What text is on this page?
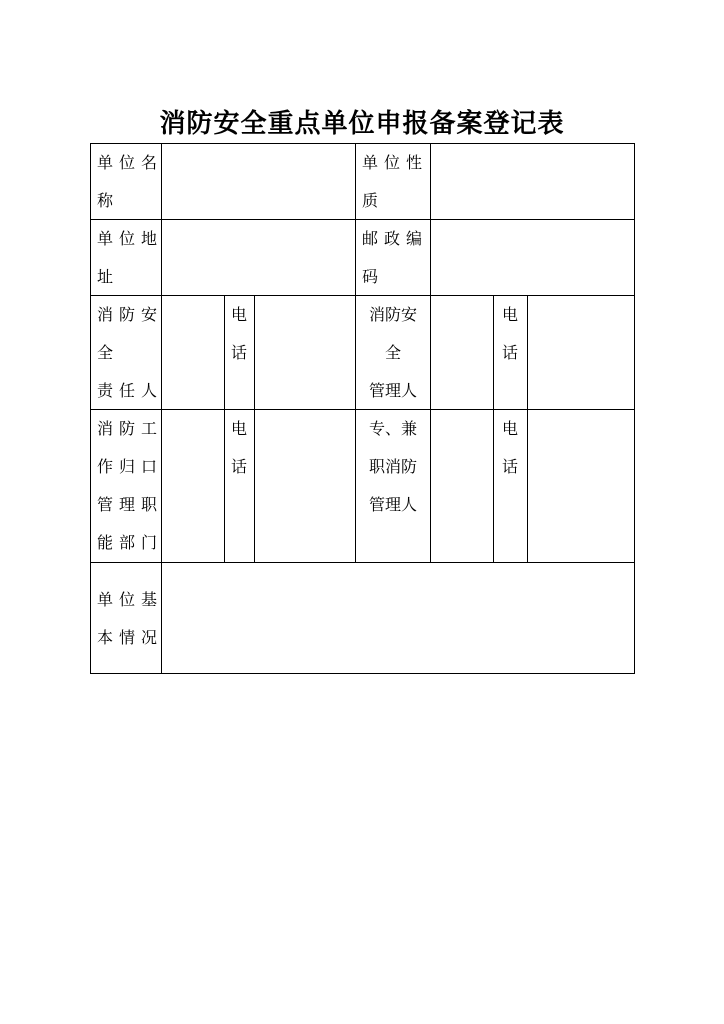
消防安全重点单位申报备案登记表
单位名
称
单位性
质
单位地
址
邮政编
码
消防安
全
责任人
电
话
消防安
全
管理人
电
话
消防工
作归口
管理职
能部门
电
话
专、兼
职消防
管理人
电
话
单位基
本情况
